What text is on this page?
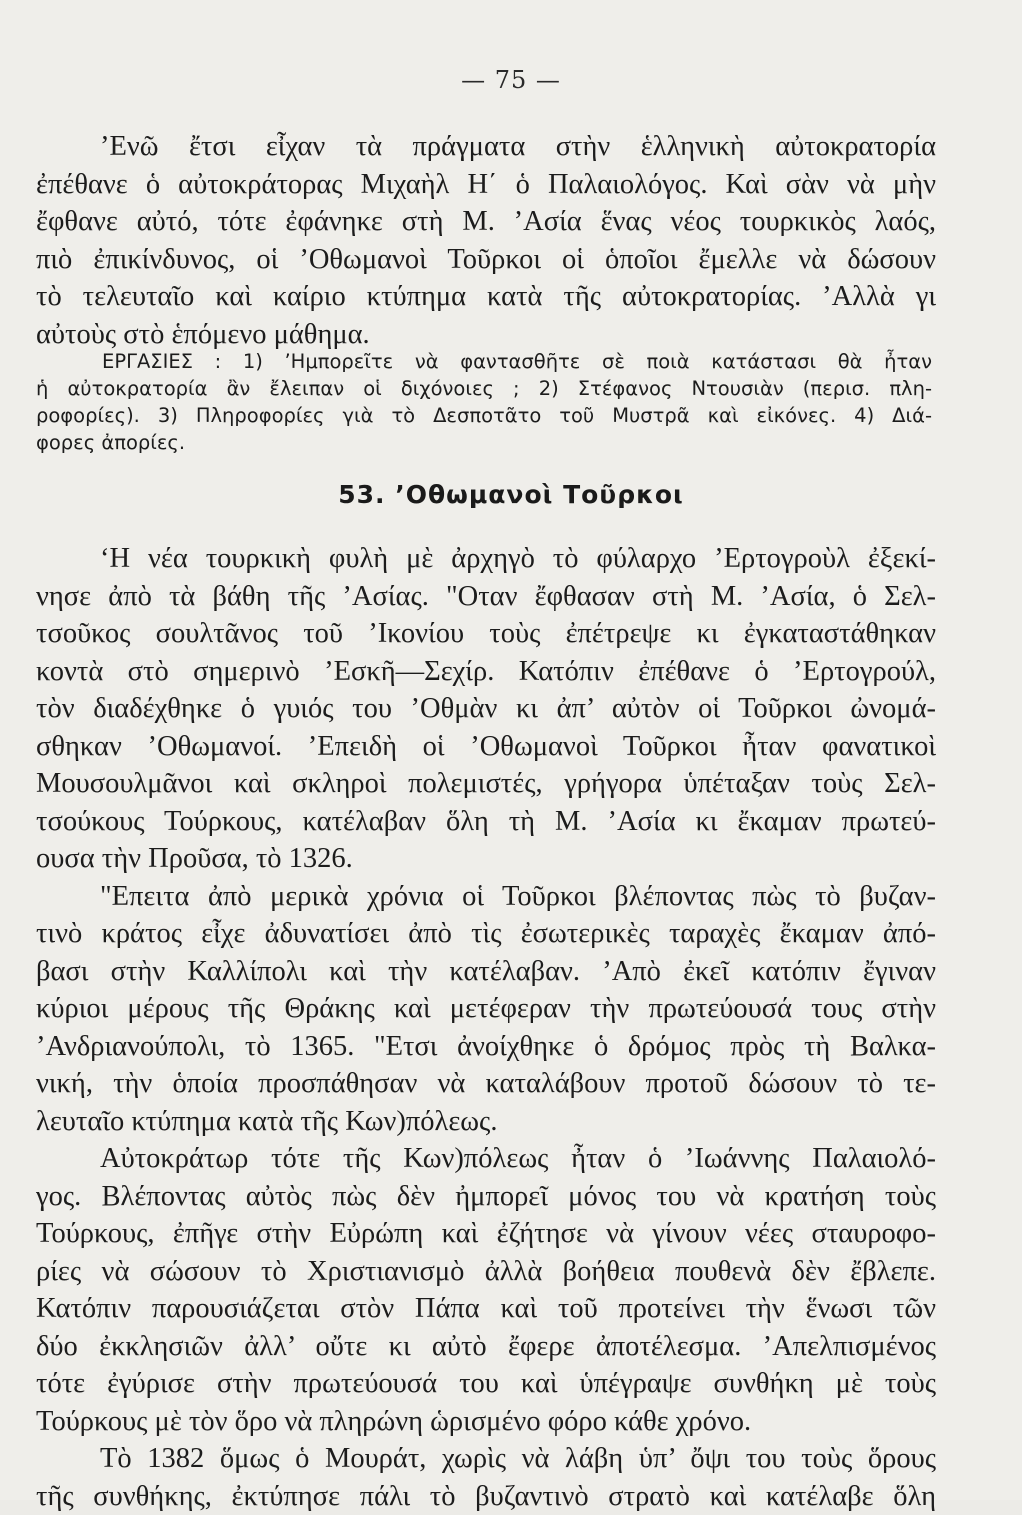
— 75 —

’Ενῶ ἔτσι εἶχαν τὰ πράγματα στὴν ἑλληνικὴ αὐτοκρατορία
ἐπέθανε ὁ αὐτοκράτορας Μιχαὴλ Η΄ ὁ Παλαιολόγος. Καὶ σὰν νὰ μὴν
ἔφθανε αὐτό, τότε ἐφάνηκε στὴ Μ. ’Ασία ἕνας νέος τουρκικὸς λαός,
πιὸ ἐπικίνδυνος, οἱ ’Οθωμανοὶ Τοῦρκοι οἱ ὁποῖοι ἔμελλε νὰ δώσουν
τὸ τελευταῖο καὶ καίριο κτύπημα κατὰ τῆς αὐτοκρατορίας. ’Αλλὰ γι
αὐτοὺς στὸ ἑπόμενο μάθημα.

ΕΡΓΑΣΙΕΣ : 1) ’Ημπορεῖτε νὰ φαντασθῆτε σὲ ποιὰ κατάστασι θὰ ἦταν
ἡ αὐτοκρατορία ἂν ἔλειπαν οἱ διχόνοιες ; 2) Στέφανος Ντουσιὰν (περισ. πλη-
ροφορίες). 3) Πληροφορίες γιὰ τὸ Δεσποτᾶτο τοῦ Μυστρᾶ καὶ εἰκόνες. 4) Διά-
φορες ἀπορίες.
53. ’Οθωμανοὶ Τοῦρκοι

‘Η νέα τουρκικὴ φυλὴ μὲ ἀρχηγὸ τὸ φύλαρχο ’Ερτογροὺλ ἐξεκί-
νησε ἀπὸ τὰ βάθη τῆς ’Ασίας. "Οταν ἔφθασαν στὴ Μ. ’Ασία, ὁ Σελ-
τσοῦκος σουλτᾶνος τοῦ ’Ικονίου τοὺς ἐπέτρεψε κι ἐγκαταστάθηκαν
κοντὰ στὸ σημερινὸ ’Εσκῆ—Σεχίρ. Κατόπιν ἐπέθανε ὁ ’Ερτογρούλ,
τὸν διαδέχθηκε ὁ γυιός του ’Οθμὰν κι ἀπ’ αὐτὸν οἱ Τοῦρκοι ὠνομά-
σθηκαν ’Οθωμανοί. ’Επειδὴ οἱ ’Οθωμανοὶ Τοῦρκοι ἦταν φανατικοὶ
Μουσουλμᾶνοι καὶ σκληροὶ πολεμιστές, γρήγορα ὑπέταξαν τοὺς Σελ-
τσούκους Τούρκους, κατέλαβαν ὅλη τὴ Μ. ’Ασία κι ἔκαμαν πρωτεύ-
ουσα τὴν Προῦσα, τὸ 1326.

"Επειτα ἀπὸ μερικὰ χρόνια οἱ Τοῦρκοι βλέποντας πὼς τὸ βυζαν-
τινὸ κράτος εἶχε ἀδυνατίσει ἀπὸ τὶς ἐσωτερικὲς ταραχὲς ἔκαμαν ἀπό-
βασι στὴν Καλλίπολι καὶ τὴν κατέλαβαν. ’Απὸ ἐκεῖ κατόπιν ἔγιναν
κύριοι μέρους τῆς Θράκης καὶ μετέφεραν τὴν πρωτεύουσά τους στὴν
’Ανδριανούπολι, τὸ 1365. "Ετσι ἀνοίχθηκε ὁ δρόμος πρὸς τὴ Βαλκα-
νική, τὴν ὁποία προσπάθησαν νὰ καταλάβουν προτοῦ δώσουν τὸ τε-
λευταῖο κτύπημα κατὰ τῆς Κων)πόλεως.

Αὐτοκράτωρ τότε τῆς Κων)πόλεως ἦταν ὁ ’Ιωάννης Παλαιολό-
γος. Βλέποντας αὐτὸς πὼς δὲν ἠμπορεῖ μόνος του νὰ κρατήση τοὺς
Τούρκους, ἐπῆγε στὴν Εὐρώπη καὶ ἐζήτησε νὰ γίνουν νέες σταυροφο-
ρίες νὰ σώσουν τὸ Χριστιανισμὸ ἀλλὰ βοήθεια πουθενὰ δὲν ἔβλεπε.
Κατόπιν παρουσιάζεται στὸν Πάπα καὶ τοῦ προτείνει τὴν ἕνωσι τῶν
δύο ἐκκλησιῶν ἀλλ’ οὔτε κι αὐτὸ ἔφερε ἀποτέλεσμα. ’Απελπισμένος
τότε ἐγύρισε στὴν πρωτεύουσά του καὶ ὑπέγραψε συνθήκη μὲ τοὺς
Τούρκους μὲ τὸν ὅρο νὰ πληρώνη ὡρισμένο φόρο κάθε χρόνο.

Τὸ 1382 ὅμως ὁ Μουράτ, χωρὶς νὰ λάβη ὑπ’ ὄψι του τοὺς ὅρους
τῆς συνθήκης, ἐκτύπησε πάλι τὸ βυζαντινὸ στρατὸ καὶ κατέλαβε ὅλη
